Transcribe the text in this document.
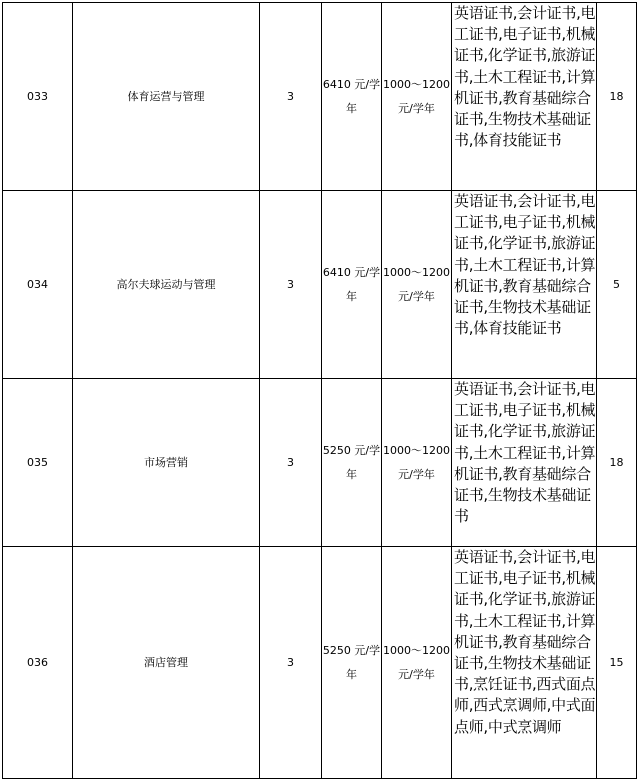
033	体育运营与管理	3	6410 元/学年	1000～1200元/学年	英语证书,会计证书,电工证书,电子证书,机械证书,化学证书,旅游证书,土木工程证书,计算机证书,教育基础综合证书,生物技术基础证书,体育技能证书	18
034	高尔夫球运动与管理	3	6410 元/学年	1000～1200元/学年	英语证书,会计证书,电工证书,电子证书,机械证书,化学证书,旅游证书,土木工程证书,计算机证书,教育基础综合证书,生物技术基础证书,体育技能证书	5
035	市场营销	3	5250 元/学年	1000～1200元/学年	英语证书,会计证书,电工证书,电子证书,机械证书,化学证书,旅游证书,土木工程证书,计算机证书,教育基础综合证书,生物技术基础证书	18
036	酒店管理	3	5250 元/学年	1000～1200元/学年	英语证书,会计证书,电工证书,电子证书,机械证书,化学证书,旅游证书,土木工程证书,计算机证书,教育基础综合证书,生物技术基础证书,烹饪证书,西式面点师,西式烹调师,中式面点师,中式烹调师	15
